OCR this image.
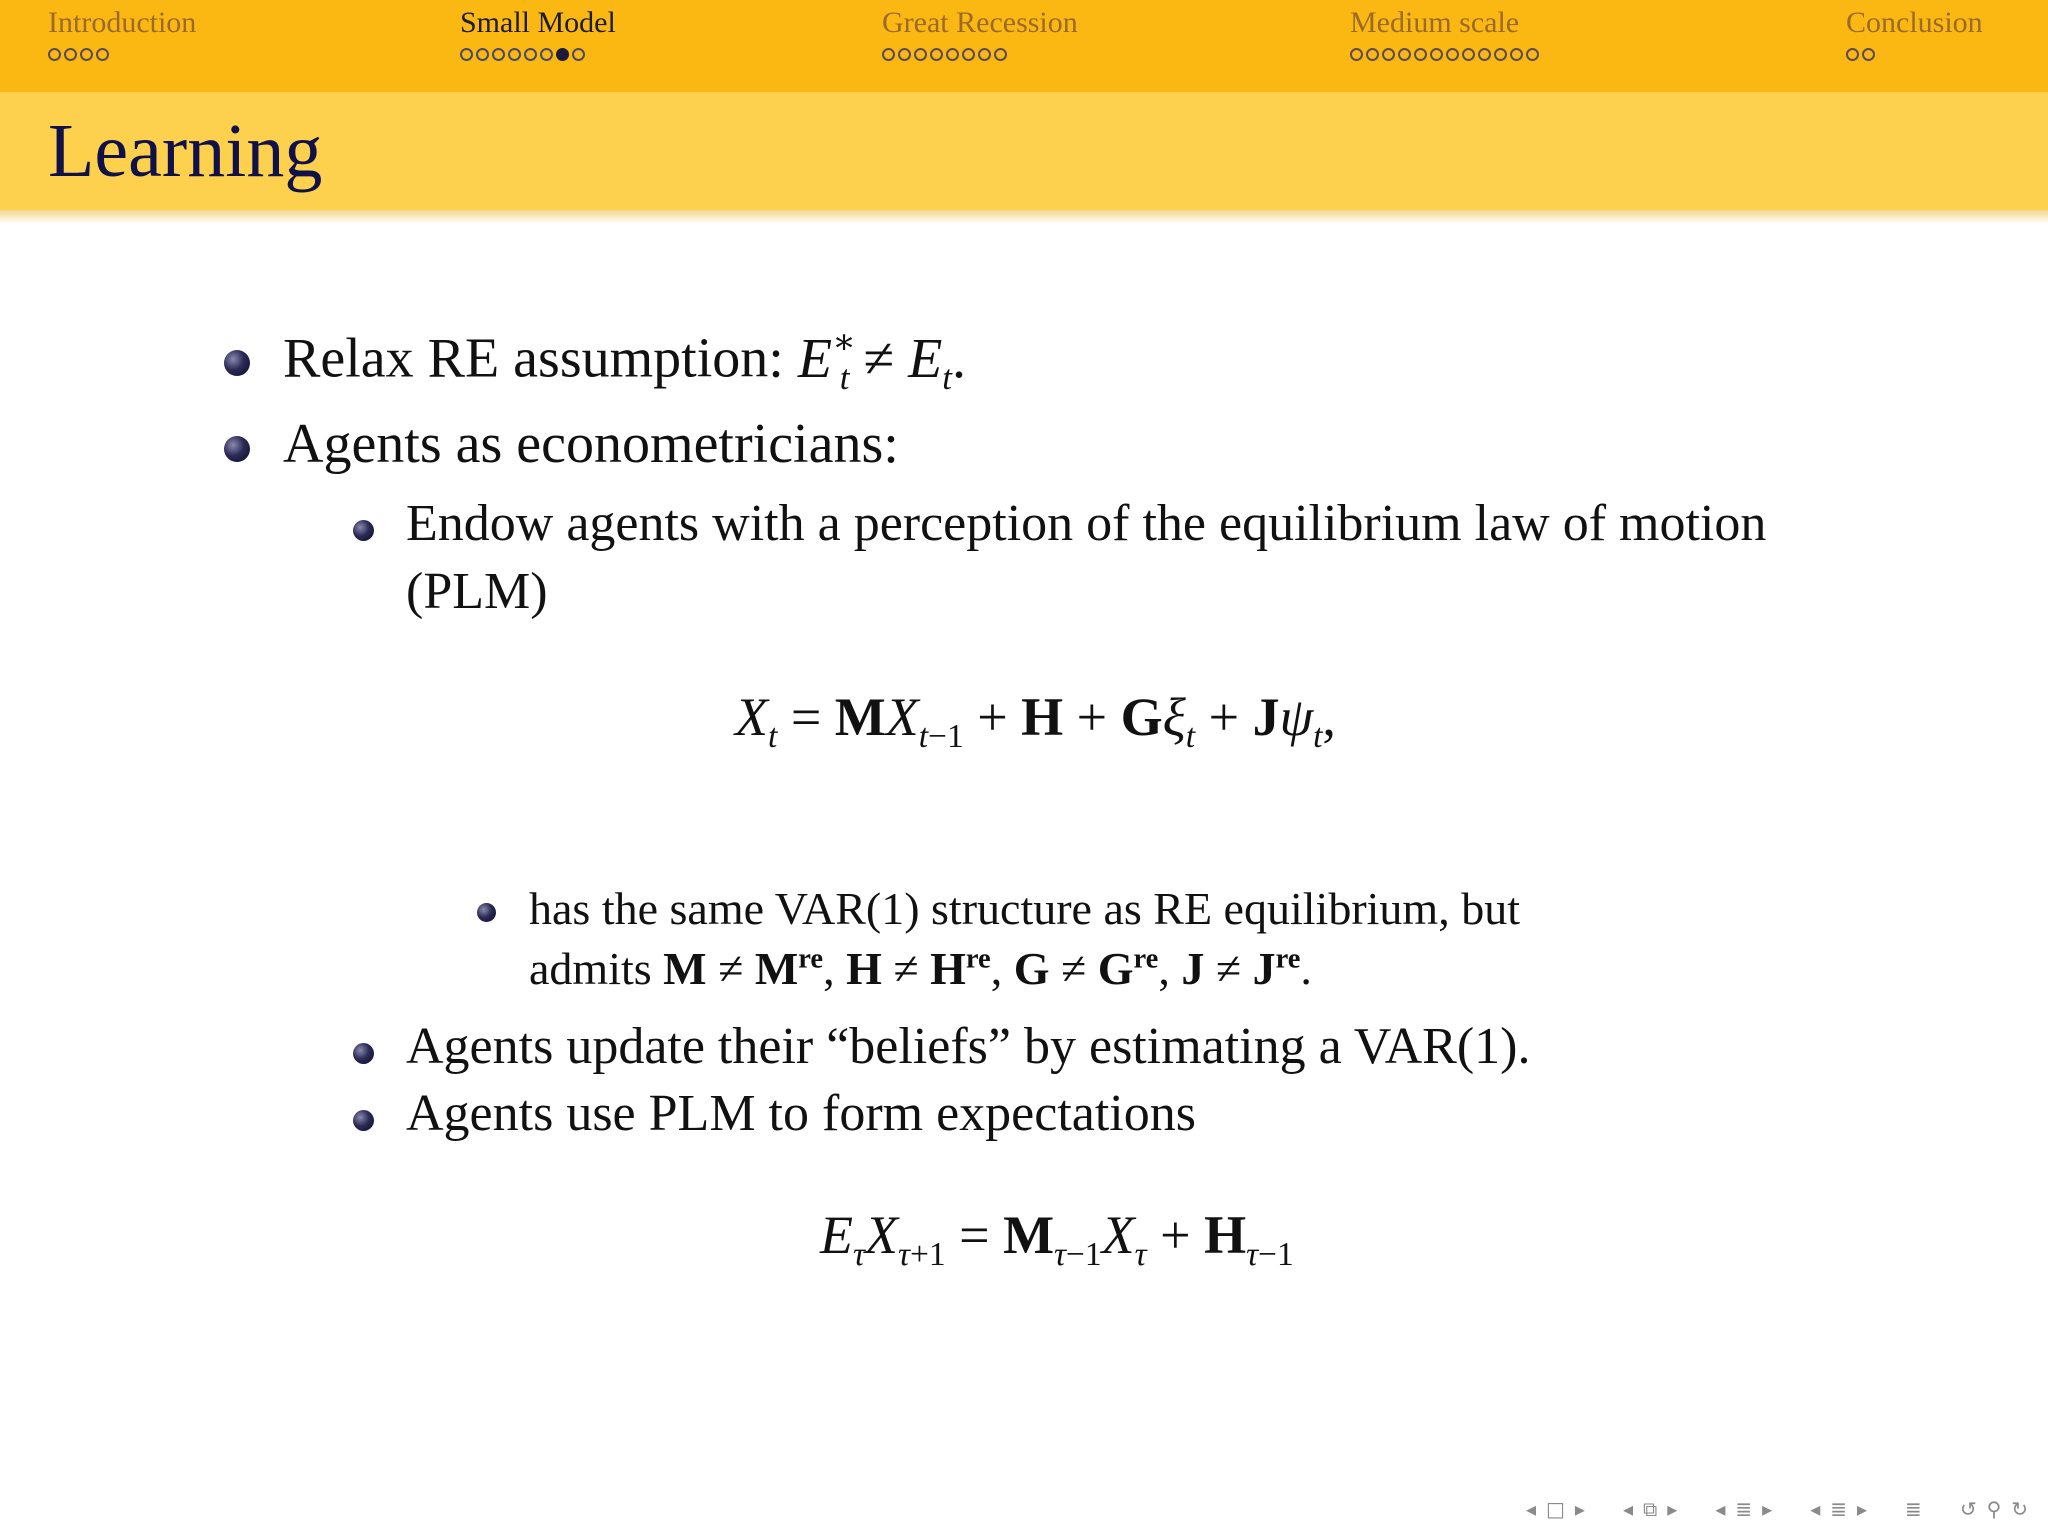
Introduction	Small Model	Great Recession	Medium scale	Conclusion
Learning
Relax RE assumption: $E^∗_t \ne E_t$.
Agents as econometricians:
Endow agents with a perception of the equilibrium law of motion
(PLM)
$X_t = MX_{t-1} + H + G\xi_t + J\psi_t$,
has the same VAR(1) structure as RE equilibrium, but
admits M ≠ Mre, $H \ne H^{re}$, $G \ne G^{re}$, $J \ne J^{re}$.
Agents update their “beliefs” by estimating a VAR(1).
Agents use PLM to form expectations
$E_\tau X_{\tau+1} = M_{\tau-1}X_\tau + H_{\tau-1}$
◂ □ ▸ ◂ ⧉ ▸ ◂ ≣ ▸ ◂ ≣ ▸ ≣ ↺ ⚲ ↻
